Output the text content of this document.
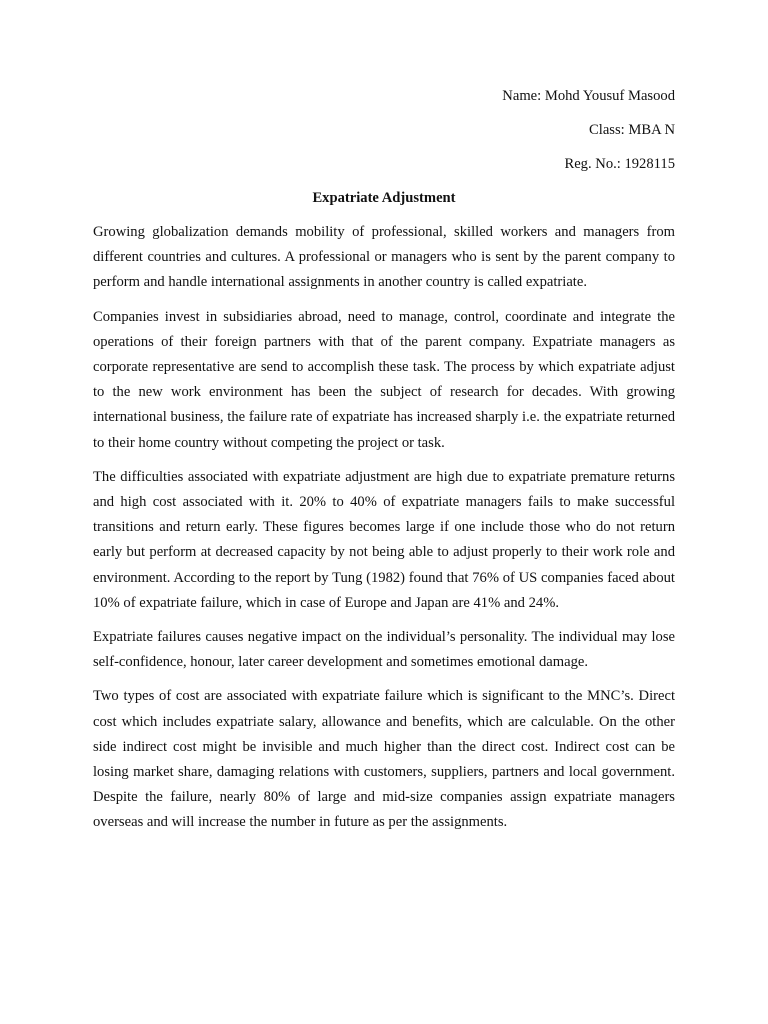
Name: Mohd Yousuf Masood

Class: MBA N

Reg. No.: 1928115

Expatriate Adjustment

Growing globalization demands mobility of professional, skilled workers and managers from different countries and cultures. A professional or managers who is sent by the parent company to perform and handle international assignments in another country is called expatriate.

Companies invest in subsidiaries abroad, need to manage, control, coordinate and integrate the operations of their foreign partners with that of the parent company. Expatriate managers as corporate representative are send to accomplish these task. The process by which expatriate adjust to the new work environment has been the subject of research for decades. With growing international business, the failure rate of expatriate has increased sharply i.e. the expatriate returned to their home country without competing the project or task.

The difficulties associated with expatriate adjustment are high due to expatriate premature returns and high cost associated with it. 20% to 40% of expatriate managers fails to make successful transitions and return early. These figures becomes large if one include those who do not return early but perform at decreased capacity by not being able to adjust properly to their work role and environment. According to the report by Tung (1982) found that 76% of US companies faced about 10% of expatriate failure, which in case of Europe and Japan are 41% and 24%.

Expatriate failures causes negative impact on the individual’s personality. The individual may lose self-confidence, honour, later career development and sometimes emotional damage.

Two types of cost are associated with expatriate failure which is significant to the MNC’s. Direct cost which includes expatriate salary, allowance and benefits, which are calculable. On the other side indirect cost might be invisible and much higher than the direct cost. Indirect cost can be losing market share, damaging relations with customers, suppliers, partners and local government. Despite the failure, nearly 80% of large and mid-size companies assign expatriate managers overseas and will increase the number in future as per the assignments.
